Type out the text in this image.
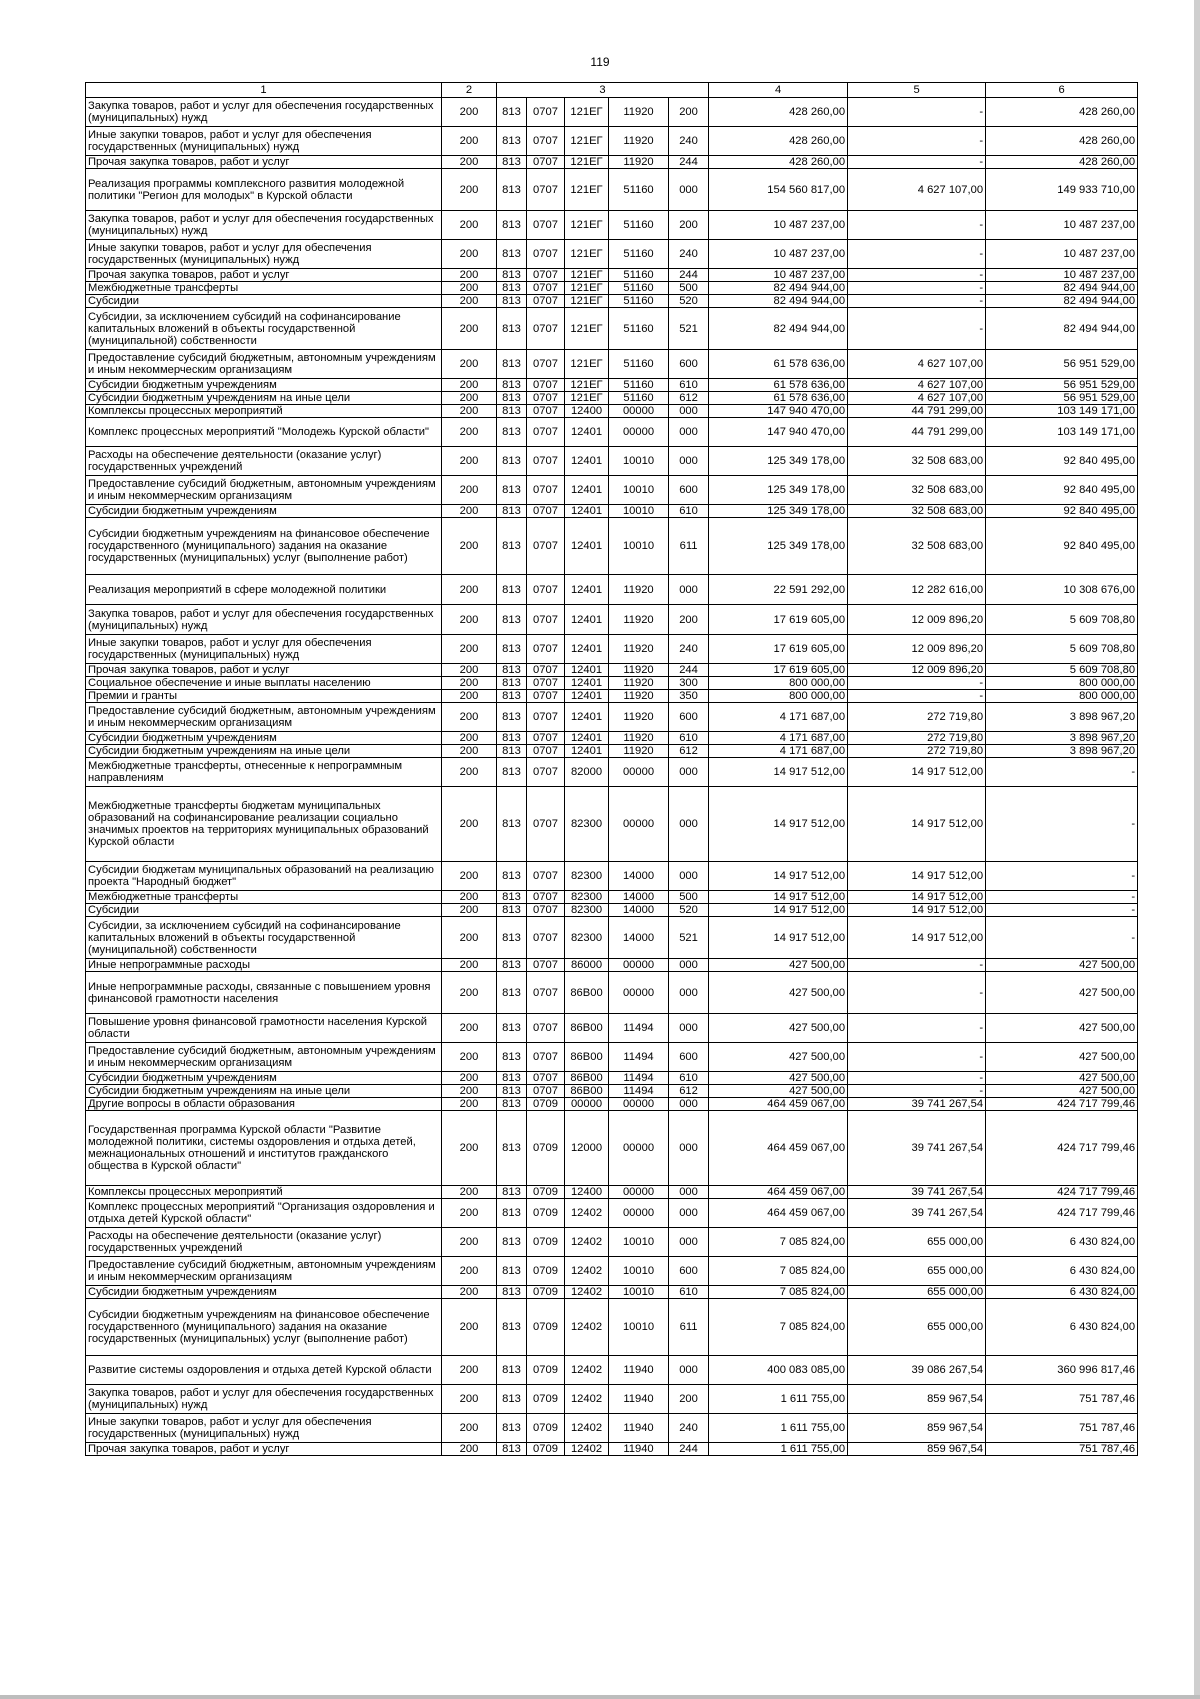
119
1	2	3					4	5	6
Закупка товаров, работ и услуг для обеспечения государственных (муниципальных) нужд	200	813	0707	121ЕГ	11920	200	428 260,00	-	428 260,00
Иные закупки товаров, работ и услуг для обеспечения государственных (муниципальных) нужд	200	813	0707	121ЕГ	11920	240	428 260,00	-	428 260,00
Прочая закупка товаров, работ и услуг	200	813	0707	121ЕГ	11920	244	428 260,00	-	428 260,00
Реализация программы комплексного развития молодежной политики "Регион для молодых" в Курской области	200	813	0707	121ЕГ	51160	000	154 560 817,00	4 627 107,00	149 933 710,00
Закупка товаров, работ и услуг для обеспечения государственных (муниципальных) нужд	200	813	0707	121ЕГ	51160	200	10 487 237,00	-	10 487 237,00
Иные закупки товаров, работ и услуг для обеспечения государственных (муниципальных) нужд	200	813	0707	121ЕГ	51160	240	10 487 237,00	-	10 487 237,00
Прочая закупка товаров, работ и услуг	200	813	0707	121ЕГ	51160	244	10 487 237,00	-	10 487 237,00
Межбюджетные трансферты	200	813	0707	121ЕГ	51160	500	82 494 944,00	-	82 494 944,00
Субсидии	200	813	0707	121ЕГ	51160	520	82 494 944,00	-	82 494 944,00
Субсидии, за исключением субсидий на софинансирование капитальных вложений в объекты государственной (муниципальной) собственности	200	813	0707	121ЕГ	51160	521	82 494 944,00	-	82 494 944,00
Предоставление субсидий бюджетным, автономным учреждениям и иным некоммерческим организациям	200	813	0707	121ЕГ	51160	600	61 578 636,00	4 627 107,00	56 951 529,00
Субсидии бюджетным учреждениям	200	813	0707	121ЕГ	51160	610	61 578 636,00	4 627 107,00	56 951 529,00
Субсидии бюджетным учреждениям на иные цели	200	813	0707	121ЕГ	51160	612	61 578 636,00	4 627 107,00	56 951 529,00
Комплексы процессных мероприятий	200	813	0707	12400	00000	000	147 940 470,00	44 791 299,00	103 149 171,00
Комплекс процессных мероприятий "Молодежь Курской области"	200	813	0707	12401	00000	000	147 940 470,00	44 791 299,00	103 149 171,00
Расходы на обеспечение деятельности (оказание услуг) государственных учреждений	200	813	0707	12401	10010	000	125 349 178,00	32 508 683,00	92 840 495,00
Предоставление субсидий бюджетным, автономным учреждениям и иным некоммерческим организациям	200	813	0707	12401	10010	600	125 349 178,00	32 508 683,00	92 840 495,00
Субсидии бюджетным учреждениям	200	813	0707	12401	10010	610	125 349 178,00	32 508 683,00	92 840 495,00
Субсидии бюджетным учреждениям на финансовое обеспечение государственного (муниципального) задания на оказание государственных (муниципальных) услуг (выполнение работ)	200	813	0707	12401	10010	611	125 349 178,00	32 508 683,00	92 840 495,00
Реализация мероприятий в сфере молодежной политики	200	813	0707	12401	11920	000	22 591 292,00	12 282 616,00	10 308 676,00
Закупка товаров, работ и услуг для обеспечения государственных (муниципальных) нужд	200	813	0707	12401	11920	200	17 619 605,00	12 009 896,20	5 609 708,80
Иные закупки товаров, работ и услуг для обеспечения государственных (муниципальных) нужд	200	813	0707	12401	11920	240	17 619 605,00	12 009 896,20	5 609 708,80
Прочая закупка товаров, работ и услуг	200	813	0707	12401	11920	244	17 619 605,00	12 009 896,20	5 609 708,80
Социальное обеспечение и иные выплаты населению	200	813	0707	12401	11920	300	800 000,00	-	800 000,00
Премии и гранты	200	813	0707	12401	11920	350	800 000,00	-	800 000,00
Предоставление субсидий бюджетным, автономным учреждениям и иным некоммерческим организациям	200	813	0707	12401	11920	600	4 171 687,00	272 719,80	3 898 967,20
Субсидии бюджетным учреждениям	200	813	0707	12401	11920	610	4 171 687,00	272 719,80	3 898 967,20
Субсидии бюджетным учреждениям на иные цели	200	813	0707	12401	11920	612	4 171 687,00	272 719,80	3 898 967,20
Межбюджетные трансферты, отнесенные к непрограммным направлениям	200	813	0707	82000	00000	000	14 917 512,00	14 917 512,00	-
Межбюджетные трансферты бюджетам муниципальных образований на софинансирование реализации социально значимых проектов на территориях муниципальных образований Курской области	200	813	0707	82300	00000	000	14 917 512,00	14 917 512,00	-
Субсидии бюджетам муниципальных образований на реализацию проекта "Народный бюджет"	200	813	0707	82300	14000	000	14 917 512,00	14 917 512,00	-
Межбюджетные трансферты	200	813	0707	82300	14000	500	14 917 512,00	14 917 512,00	-
Субсидии	200	813	0707	82300	14000	520	14 917 512,00	14 917 512,00	-
Субсидии, за исключением субсидий на софинансирование капитальных вложений в объекты государственной (муниципальной) собственности	200	813	0707	82300	14000	521	14 917 512,00	14 917 512,00	-
Иные непрограммные расходы	200	813	0707	86000	00000	000	427 500,00	-	427 500,00
Иные непрограммные расходы, связанные с повышением уровня финансовой грамотности населения	200	813	0707	86В00	00000	000	427 500,00	-	427 500,00
Повышение уровня финансовой грамотности населения Курской области	200	813	0707	86В00	11494	000	427 500,00	-	427 500,00
Предоставление субсидий бюджетным, автономным учреждениям и иным некоммерческим организациям	200	813	0707	86В00	11494	600	427 500,00	-	427 500,00
Субсидии бюджетным учреждениям	200	813	0707	86В00	11494	610	427 500,00	-	427 500,00
Субсидии бюджетным учреждениям на иные цели	200	813	0707	86В00	11494	612	427 500,00	-	427 500,00
Другие вопросы в области образования	200	813	0709	00000	00000	000	464 459 067,00	39 741 267,54	424 717 799,46
Государственная программа Курской области "Развитие молодежной политики, системы оздоровления и отдыха детей, межнациональных отношений и институтов гражданского общества в Курской области"	200	813	0709	12000	00000	000	464 459 067,00	39 741 267,54	424 717 799,46
Комплексы процессных мероприятий	200	813	0709	12400	00000	000	464 459 067,00	39 741 267,54	424 717 799,46
Комплекс процессных мероприятий "Организация оздоровления и отдыха детей Курской области"	200	813	0709	12402	00000	000	464 459 067,00	39 741 267,54	424 717 799,46
Расходы на обеспечение деятельности (оказание услуг) государственных учреждений	200	813	0709	12402	10010	000	7 085 824,00	655 000,00	6 430 824,00
Предоставление субсидий бюджетным, автономным учреждениям и иным некоммерческим организациям	200	813	0709	12402	10010	600	7 085 824,00	655 000,00	6 430 824,00
Субсидии бюджетным учреждениям	200	813	0709	12402	10010	610	7 085 824,00	655 000,00	6 430 824,00
Субсидии бюджетным учреждениям на финансовое обеспечение государственного (муниципального) задания на оказание государственных (муниципальных) услуг (выполнение работ)	200	813	0709	12402	10010	611	7 085 824,00	655 000,00	6 430 824,00
Развитие системы оздоровления и отдыха детей Курской области	200	813	0709	12402	11940	000	400 083 085,00	39 086 267,54	360 996 817,46
Закупка товаров, работ и услуг для обеспечения государственных (муниципальных) нужд	200	813	0709	12402	11940	200	1 611 755,00	859 967,54	751 787,46
Иные закупки товаров, работ и услуг для обеспечения государственных (муниципальных) нужд	200	813	0709	12402	11940	240	1 611 755,00	859 967,54	751 787,46
Прочая закупка товаров, работ и услуг	200	813	0709	12402	11940	244	1 611 755,00	859 967,54	751 787,46
